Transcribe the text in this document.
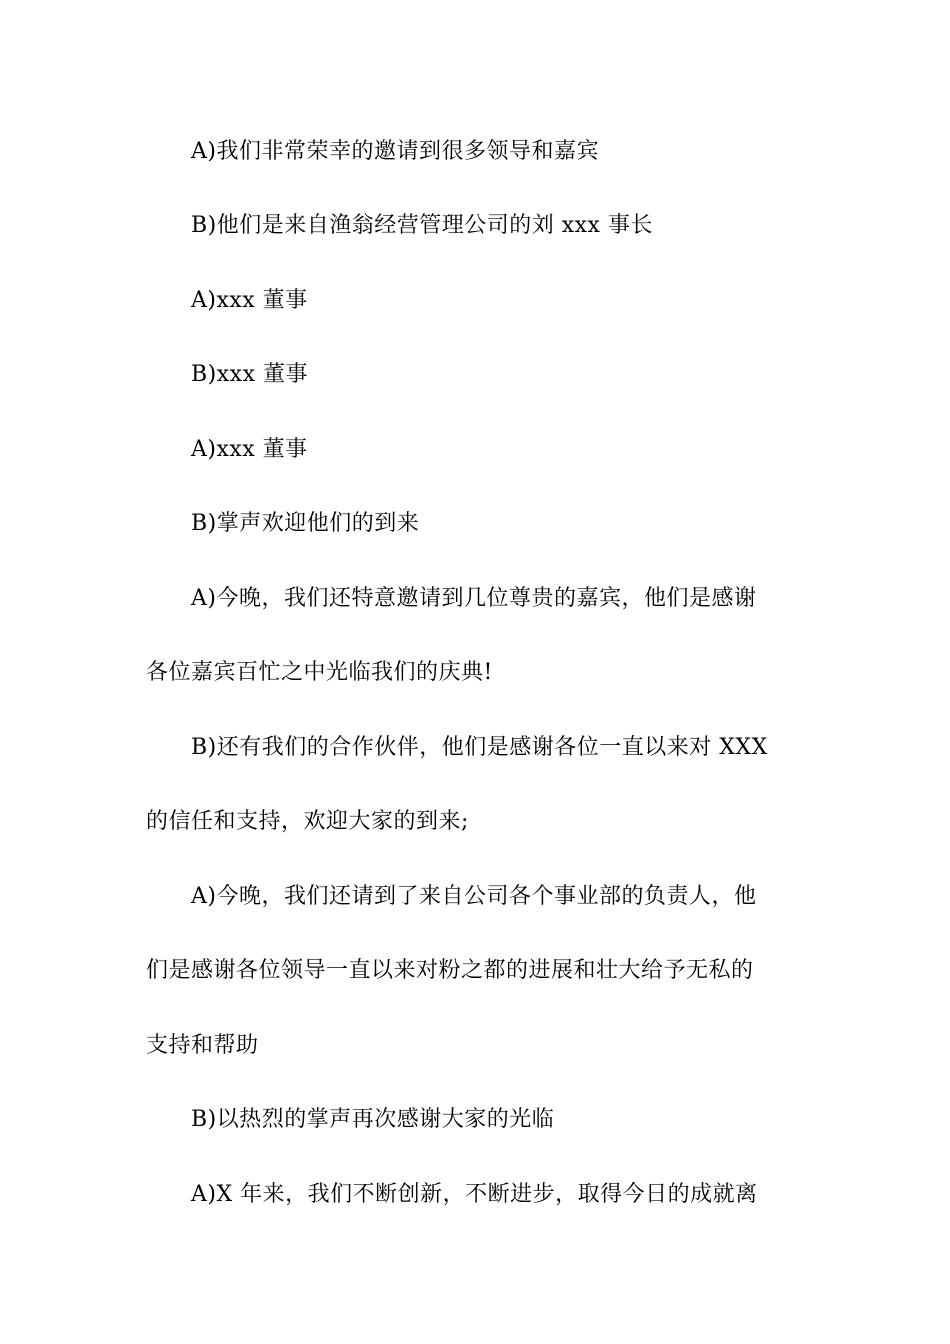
A)我们非常荣幸的邀请到很多领导和嘉宾
B)他们是来自渔翁经营管理公司的刘 xxx 事长
A)xxx 董事
B)xxx 董事
A)xxx 董事
B)掌声欢迎他们的到来
A)今晚，我们还特意邀请到几位尊贵的嘉宾，他们是感谢
各位嘉宾百忙之中光临我们的庆典!
B)还有我们的合作伙伴，他们是感谢各位一直以来对 XXX
的信任和支持，欢迎大家的到来;
A)今晚，我们还请到了来自公司各个事业部的负责人，他
们是感谢各位领导一直以来对粉之都的进展和壮大给予无私的
支持和帮助
B)以热烈的掌声再次感谢大家的光临
A)X 年来，我们不断创新，不断进步，取得今日的成就离
